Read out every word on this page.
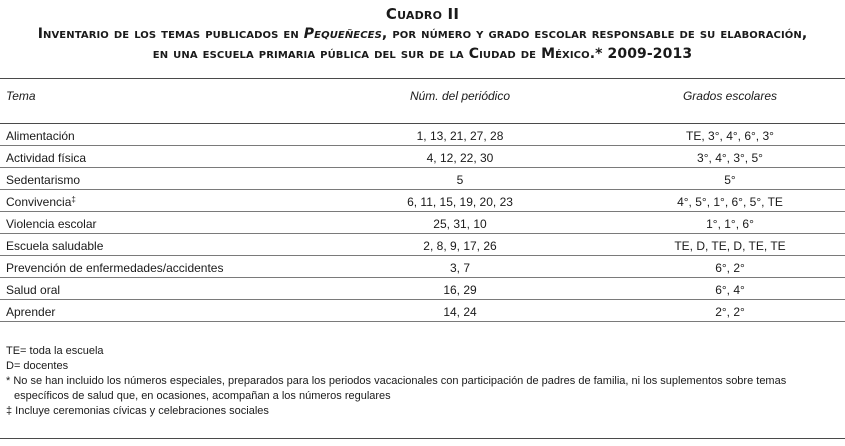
Cuadro II
Inventario de los temas publicados en Pequeñeces, por número y grado escolar responsable de su elaboración,
en una escuela primaria pública del sur de la Ciudad de México.* 2009-2013
Tema	Núm. del periódico	Grados escolares
Alimentación	1, 13, 21, 27, 28	TE, 3°, 4°, 6°, 3°
Actividad física	4, 12, 22, 30	3°, 4°, 3°, 5°
Sedentarismo	5	5°
Convivencia‡	6, 11, 15, 19, 20, 23	4°, 5°, 1°, 6°, 5°, TE
Violencia escolar	25, 31, 10	1°, 1°, 6°
Escuela saludable	2, 8, 9, 17, 26	TE, D, TE, D, TE, TE
Prevención de enfermedades/accidentes	3, 7	6°, 2°
Salud oral	16, 29	6°, 4°
Aprender	14, 24	2°, 2°

TE= toda la escuela

D= docentes

* No se han incluido los números especiales, preparados para los periodos vacacionales con participación de padres de familia, ni los suplementos sobre temas específicos de salud que, en ocasiones, acompañan a los números regulares

‡ Incluye ceremonias cívicas y celebraciones sociales
